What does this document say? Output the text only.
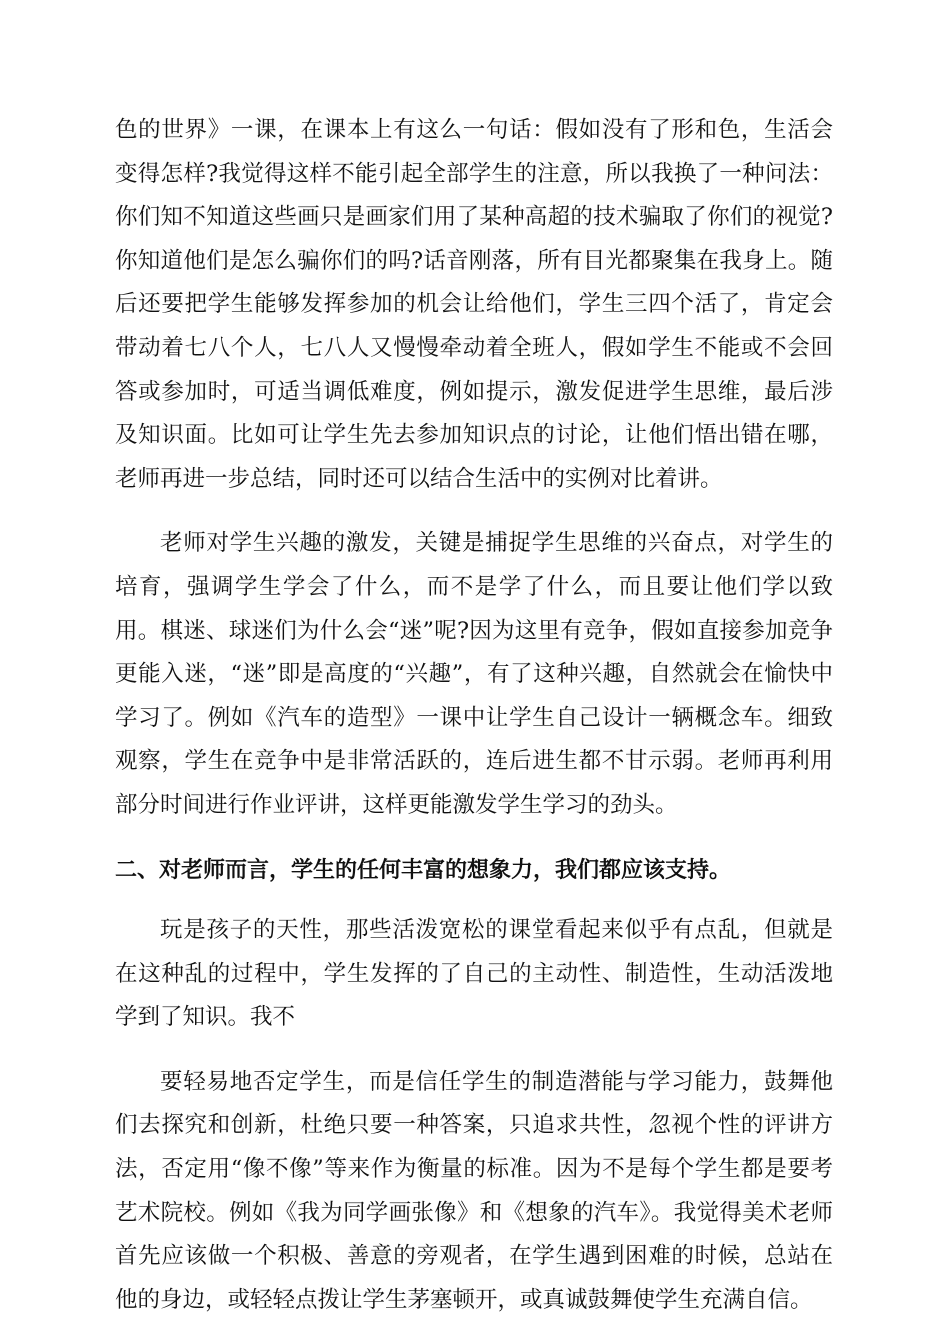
色的世界》一课，在课本上有这么一句话：假如没有了形和色，生活会变得怎样?我觉得这样不能引起全部学生的注意，所以我换了一种问法：你们知不知道这些画只是画家们用了某种高超的技术骗取了你们的视觉?你知道他们是怎么骗你们的吗?话音刚落，所有目光都聚集在我身上。随后还要把学生能够发挥参加的机会让给他们，学生三四个活了，肯定会带动着七八个人，七八人又慢慢牵动着全班人，假如学生不能或不会回答或参加时，可适当调低难度，例如提示，激发促进学生思维，最后涉及知识面。比如可让学生先去参加知识点的讨论，让他们悟出错在哪，老师再进一步总结，同时还可以结合生活中的实例对比着讲。

老师对学生兴趣的激发，关键是捕捉学生思维的兴奋点，对学生的培育，强调学生学会了什么，而不是学了什么，而且要让他们学以致用。棋迷、球迷们为什么会“迷”呢?因为这里有竞争，假如直接参加竞争更能入迷，“迷”即是高度的“兴趣”，有了这种兴趣，自然就会在愉快中学习了。例如《汽车的造型》一课中让学生自己设计一辆概念车。细致观察，学生在竞争中是非常活跃的，连后进生都不甘示弱。老师再利用部分时间进行作业评讲，这样更能激发学生学习的劲头。

二、对老师而言，学生的任何丰富的想象力，我们都应该支持。

玩是孩子的天性，那些活泼宽松的课堂看起来似乎有点乱，但就是在这种乱的过程中，学生发挥的了自己的主动性、制造性，生动活泼地学到了知识。我不

要轻易地否定学生，而是信任学生的制造潜能与学习能力，鼓舞他们去探究和创新，杜绝只要一种答案，只追求共性，忽视个性的评讲方法，否定用“像不像”等来作为衡量的标准。因为不是每个学生都是要考艺术院校。例如《我为同学画张像》和《想象的汽车》。我觉得美术老师首先应该做一个积极、善意的旁观者，在学生遇到困难的时候，总站在他的身边，或轻轻点拨让学生茅塞顿开，或真诚鼓舞使学生充满自信。
